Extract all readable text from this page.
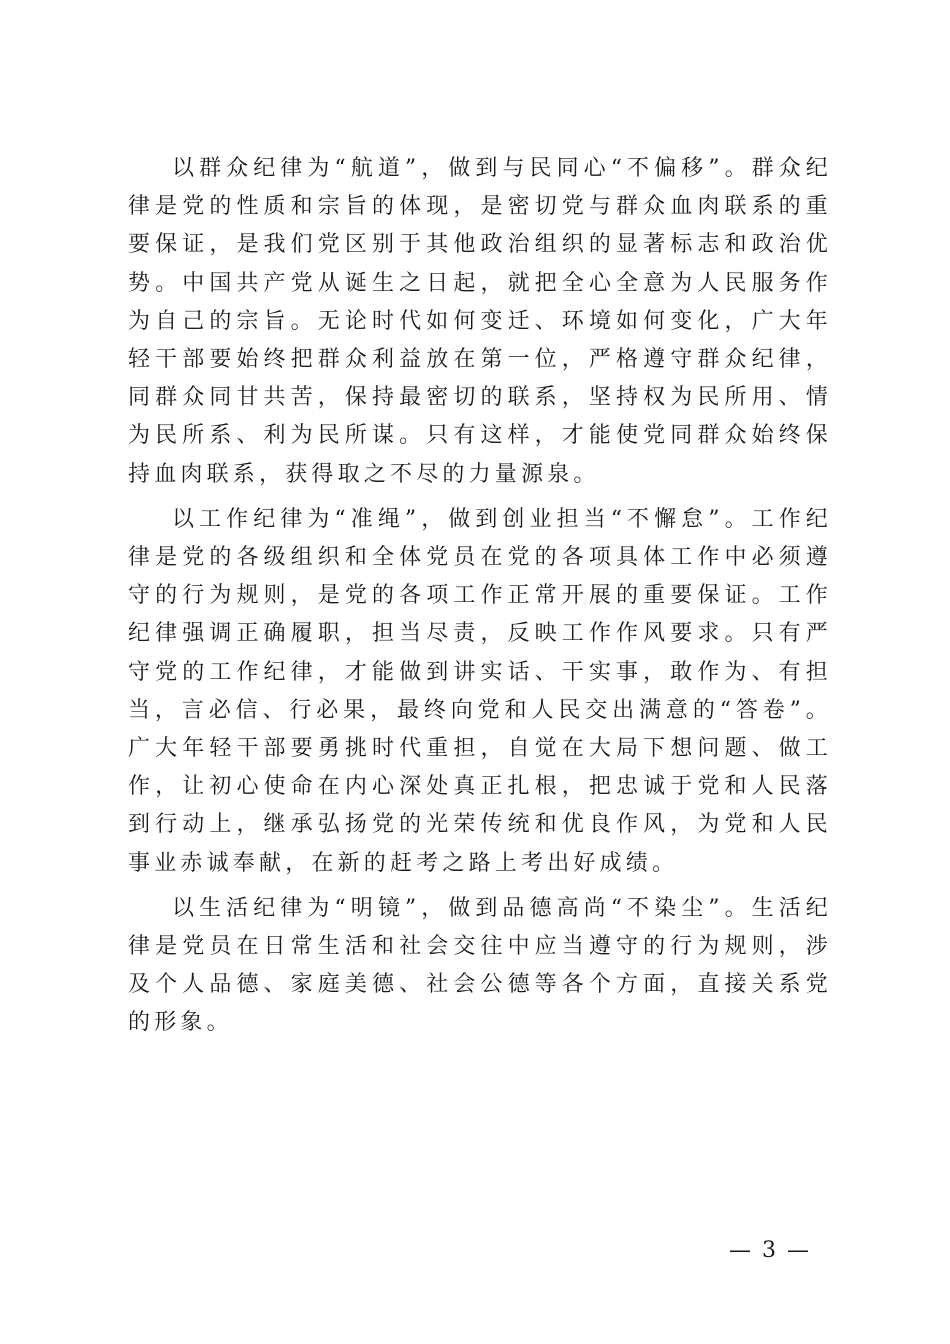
以群众纪律为“航道”，做到与民同心“不偏移”。群众纪律是党的性质和宗旨的体现，是密切党与群众血肉联系的重要保证，是我们党区别于其他政治组织的显著标志和政治优势。中国共产党从诞生之日起，就把全心全意为人民服务作为自己的宗旨。无论时代如何变迁、环境如何变化，广大年轻干部要始终把群众利益放在第一位，严格遵守群众纪律，同群众同甘共苦，保持最密切的联系，坚持权为民所用、情为民所系、利为民所谋。只有这样，才能使党同群众始终保持血肉联系，获得取之不尽的力量源泉。

以工作纪律为“准绳”，做到创业担当“不懈怠”。工作纪律是党的各级组织和全体党员在党的各项具体工作中必须遵守的行为规则，是党的各项工作正常开展的重要保证。工作纪律强调正确履职，担当尽责，反映工作作风要求。只有严守党的工作纪律，才能做到讲实话、干实事，敢作为、有担当，言必信、行必果，最终向党和人民交出满意的“答卷”。广大年轻干部要勇挑时代重担，自觉在大局下想问题、做工作，让初心使命在内心深处真正扎根，把忠诚于党和人民落到行动上，继承弘扬党的光荣传统和优良作风，为党和人民事业赤诚奉献，在新的赶考之路上考出好成绩。

以生活纪律为“明镜”，做到品德高尚“不染尘”。生活纪律是党员在日常生活和社会交往中应当遵守的行为规则，涉及个人品德、家庭美德、社会公德等各个方面，直接关系党的形象。

— 3 —
